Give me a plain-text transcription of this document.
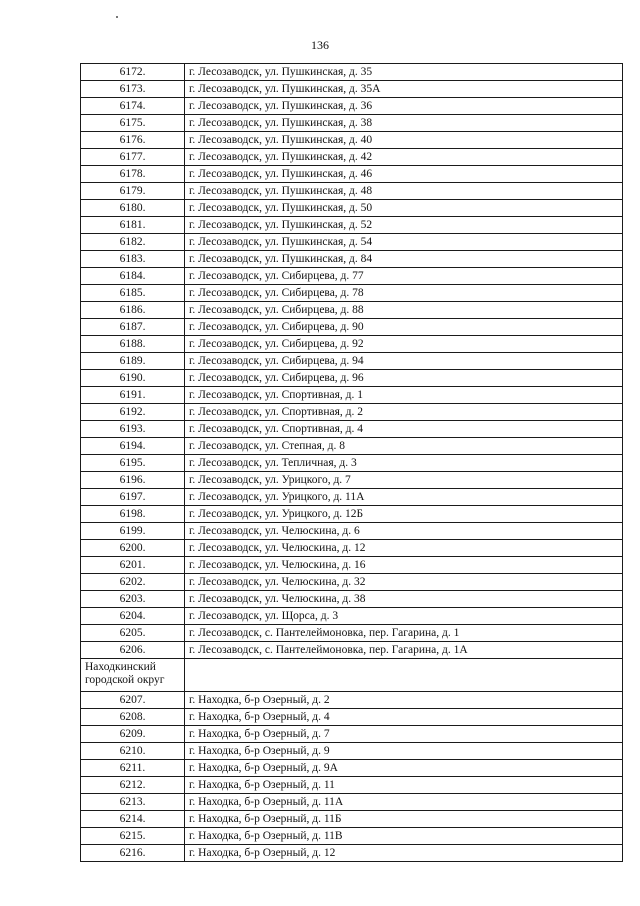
136
6172.	г. Лесозаводск, ул. Пушкинская, д. 35
6173.	г. Лесозаводск, ул. Пушкинская, д. 35А
6174.	г. Лесозаводск, ул. Пушкинская, д. 36
6175.	г. Лесозаводск, ул. Пушкинская, д. 38
6176.	г. Лесозаводск, ул. Пушкинская, д. 40
6177.	г. Лесозаводск, ул. Пушкинская, д. 42
6178.	г. Лесозаводск, ул. Пушкинская, д. 46
6179.	г. Лесозаводск, ул. Пушкинская, д. 48
6180.	г. Лесозаводск, ул. Пушкинская, д. 50
6181.	г. Лесозаводск, ул. Пушкинская, д. 52
6182.	г. Лесозаводск, ул. Пушкинская, д. 54
6183.	г. Лесозаводск, ул. Пушкинская, д. 84
6184.	г. Лесозаводск, ул. Сибирцева, д. 77
6185.	г. Лесозаводск, ул. Сибирцева, д. 78
6186.	г. Лесозаводск, ул. Сибирцева, д. 88
6187.	г. Лесозаводск, ул. Сибирцева, д. 90
6188.	г. Лесозаводск, ул. Сибирцева, д. 92
6189.	г. Лесозаводск, ул. Сибирцева, д. 94
6190.	г. Лесозаводск, ул. Сибирцева, д. 96
6191.	г. Лесозаводск, ул. Спортивная, д. 1
6192.	г. Лесозаводск, ул. Спортивная, д. 2
6193.	г. Лесозаводск, ул. Спортивная, д. 4
6194.	г. Лесозаводск, ул. Степная, д. 8
6195.	г. Лесозаводск, ул. Тепличная, д. 3
6196.	г. Лесозаводск, ул. Урицкого, д. 7
6197.	г. Лесозаводск, ул. Урицкого, д. 11А
6198.	г. Лесозаводск, ул. Урицкого, д. 12Б
6199.	г. Лесозаводск, ул. Челюскина, д. 6
6200.	г. Лесозаводск, ул. Челюскина, д. 12
6201.	г. Лесозаводск, ул. Челюскина, д. 16
6202.	г. Лесозаводск, ул. Челюскина, д. 32
6203.	г. Лесозаводск, ул. Челюскина, д. 38
6204.	г. Лесозаводск, ул. Щорса, д. 3
6205.	г. Лесозаводск, с. Пантелеймоновка, пер. Гагарина, д. 1
6206.	г. Лесозаводск, с. Пантелеймоновка, пер. Гагарина, д. 1А
Находкинский городской округ	
6207.	г. Находка, б-р Озерный, д. 2
6208.	г. Находка, б-р Озерный, д. 4
6209.	г. Находка, б-р Озерный, д. 7
6210.	г. Находка, б-р Озерный, д. 9
6211.	г. Находка, б-р Озерный, д. 9А
6212.	г. Находка, б-р Озерный, д. 11
6213.	г. Находка, б-р Озерный, д. 11А
6214.	г. Находка, б-р Озерный, д. 11Б
6215.	г. Находка, б-р Озерный, д. 11В
6216.	г. Находка, б-р Озерный, д. 12
